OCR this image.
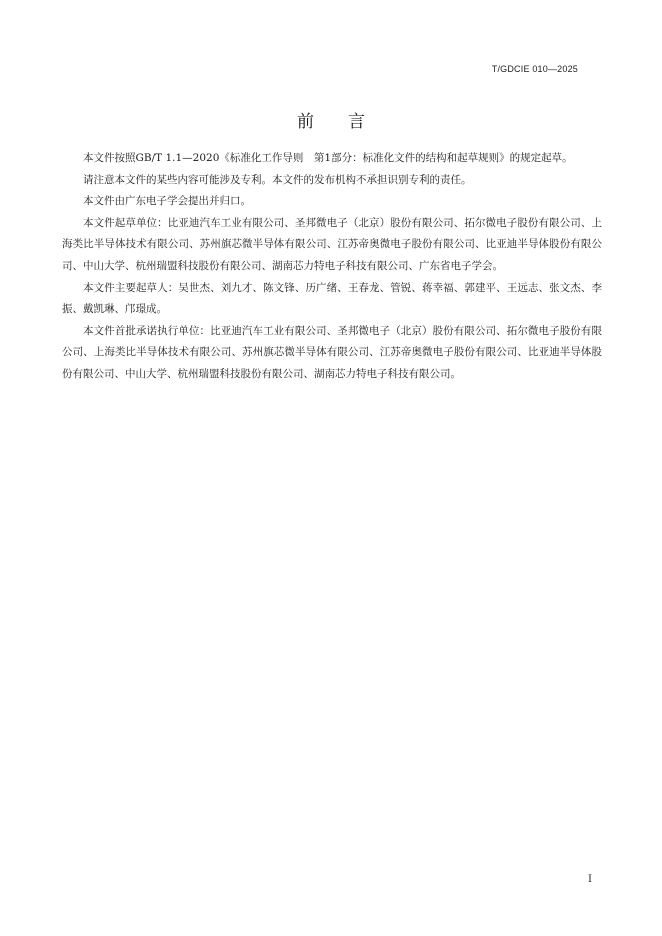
T/GDCIE 010—2025
前言

本文件按照GB/T 1.1—2020《标准化工作导则　第1部分：标准化文件的结构和起草规则》的规定起草。

请注意本文件的某些内容可能涉及专利。本文件的发布机构不承担识别专利的责任。

本文件由广东电子学会提出并归口。

本文件起草单位：比亚迪汽车工业有限公司、圣邦微电子（北京）股份有限公司、拓尔微电子股份有限公司、上海类比半导体技术有限公司、苏州旗芯微半导体有限公司、江苏帝奥微电子股份有限公司、比亚迪半导体股份有限公司、中山大学、杭州瑞盟科技股份有限公司、湖南芯力特电子科技有限公司、广东省电子学会。

本文件主要起草人：吴世杰、刘九才、陈文锋、历广绪、王春龙、管锐、蒋幸福、郭建平、王远志、张文杰、李振、戴凯琳、邝璟成。

本文件首批承诺执行单位：比亚迪汽车工业有限公司、圣邦微电子（北京）股份有限公司、拓尔微电子股份有限公司、上海类比半导体技术有限公司、苏州旗芯微半导体有限公司、江苏帝奥微电子股份有限公司、比亚迪半导体股份有限公司、中山大学、杭州瑞盟科技股份有限公司、湖南芯力特电子科技有限公司。

I
